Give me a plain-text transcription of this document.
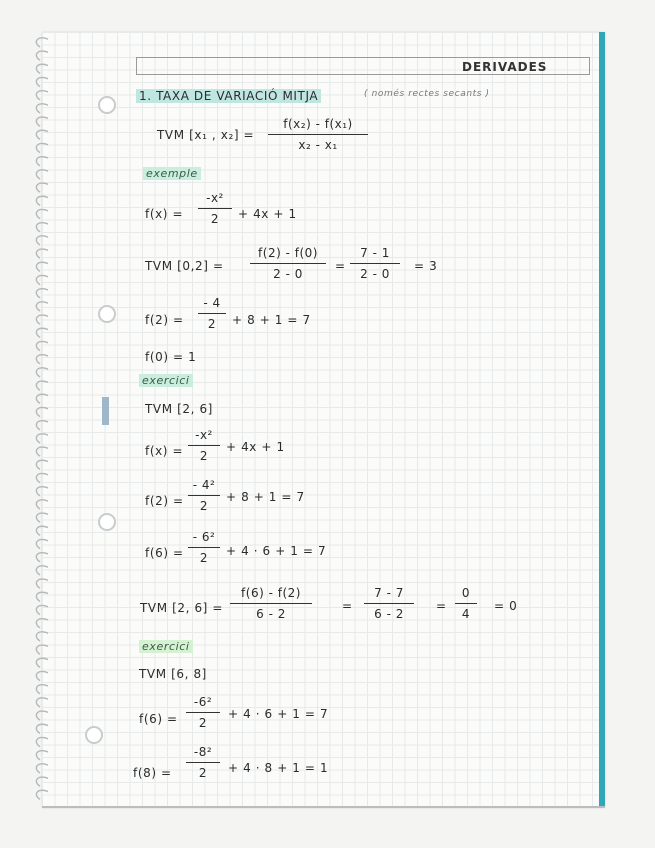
DERIVADES
1. TAXA DE VARIACIÓ MITJA	( només rectes secants )
TVM [x₁ , x₂] =
f(x₂) - f(x₁)
x₂ - x₁
exemple
f(x) =
-x²
2	+ 4x + 1
TVM [0,2] =
f(2) - f(0)
2 - 0
=
7 - 1
2 - 0
= 3
f(2) =
- 4
2	+ 8 + 1 = 7
f(0) = 1
exercici
TVM [2, 6]
f(x) =
-x²
2
+ 4x + 1
f(2) =
- 4²
2
+ 8 + 1 = 7
f(6) =
- 6²
2	+ 4 · 6 + 1 = 7
TVM [2, 6] =
f(6) - f(2)
6 - 2
=
7 - 7
6 - 2
=
0
4
= 0
exercici
TVM [6, 8]
f(6) =
-6²
2
+ 4 · 6 + 1 = 7
f(8) =
-8²
2	+ 4 · 8 + 1 = 1
